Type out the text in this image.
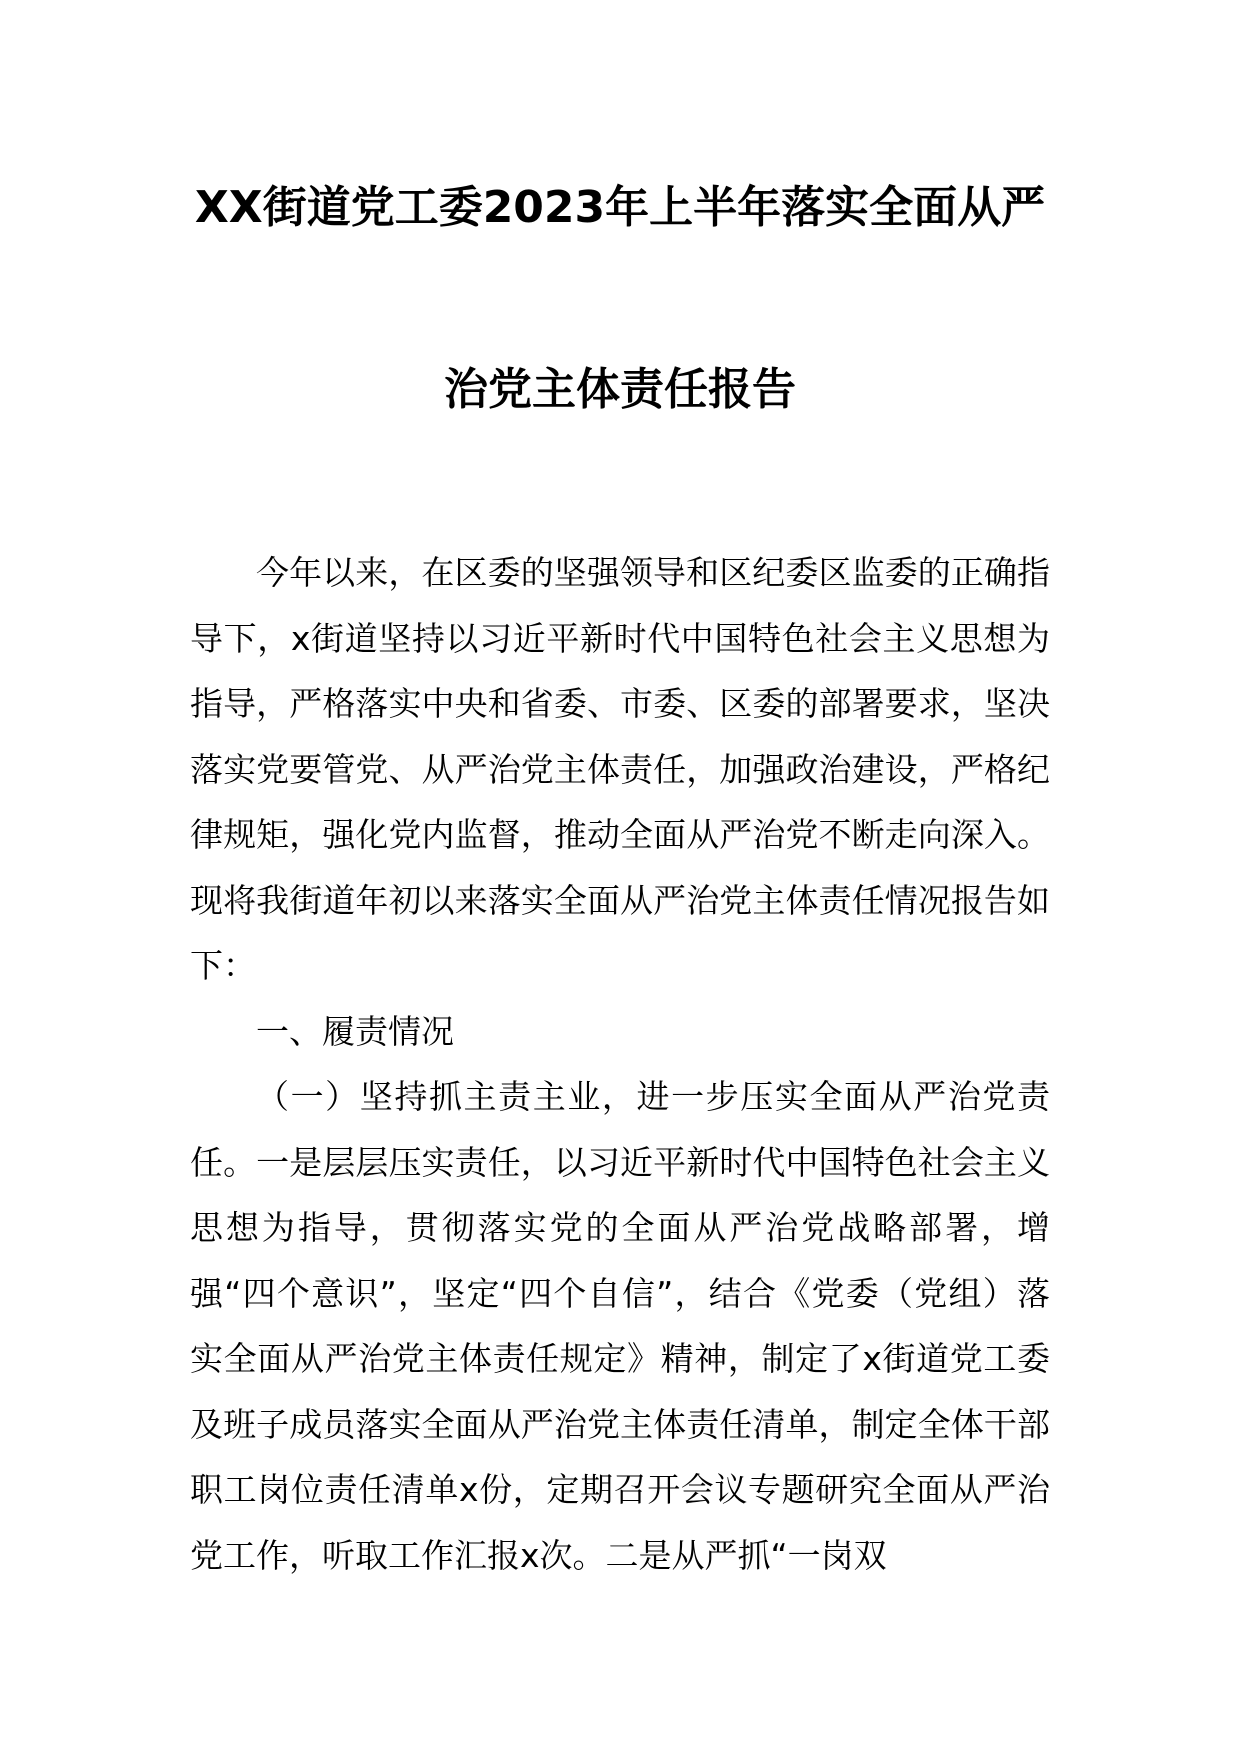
XX街道党工委2023年上半年落实全面从严
治党主体责任报告

今年以来，在区委的坚强领导和区纪委区监委的正确指导下，x街道坚持以习近平新时代中国特色社会主义思想为指导，严格落实中央和省委、市委、区委的部署要求，坚决落实党要管党、从严治党主体责任，加强政治建设，严格纪律规矩，强化党内监督，推动全面从严治党不断走向深入。现将我街道年初以来落实全面从严治党主体责任情况报告如下：

一、履责情况

（一）坚持抓主责主业，进一步压实全面从严治党责任。一是层层压实责任，以习近平新时代中国特色社会主义思想为指导，贯彻落实党的全面从严治党战略部署，增强“四个意识”，坚定“四个自信”，结合《党委（党组）落实全面从严治党主体责任规定》精神，制定了x街道党工委及班子成员落实全面从严治党主体责任清单，制定全体干部职工岗位责任清单x份，定期召开会议专题研究全面从严治党工作，听取工作汇报x次。二是从严抓“一岗双
